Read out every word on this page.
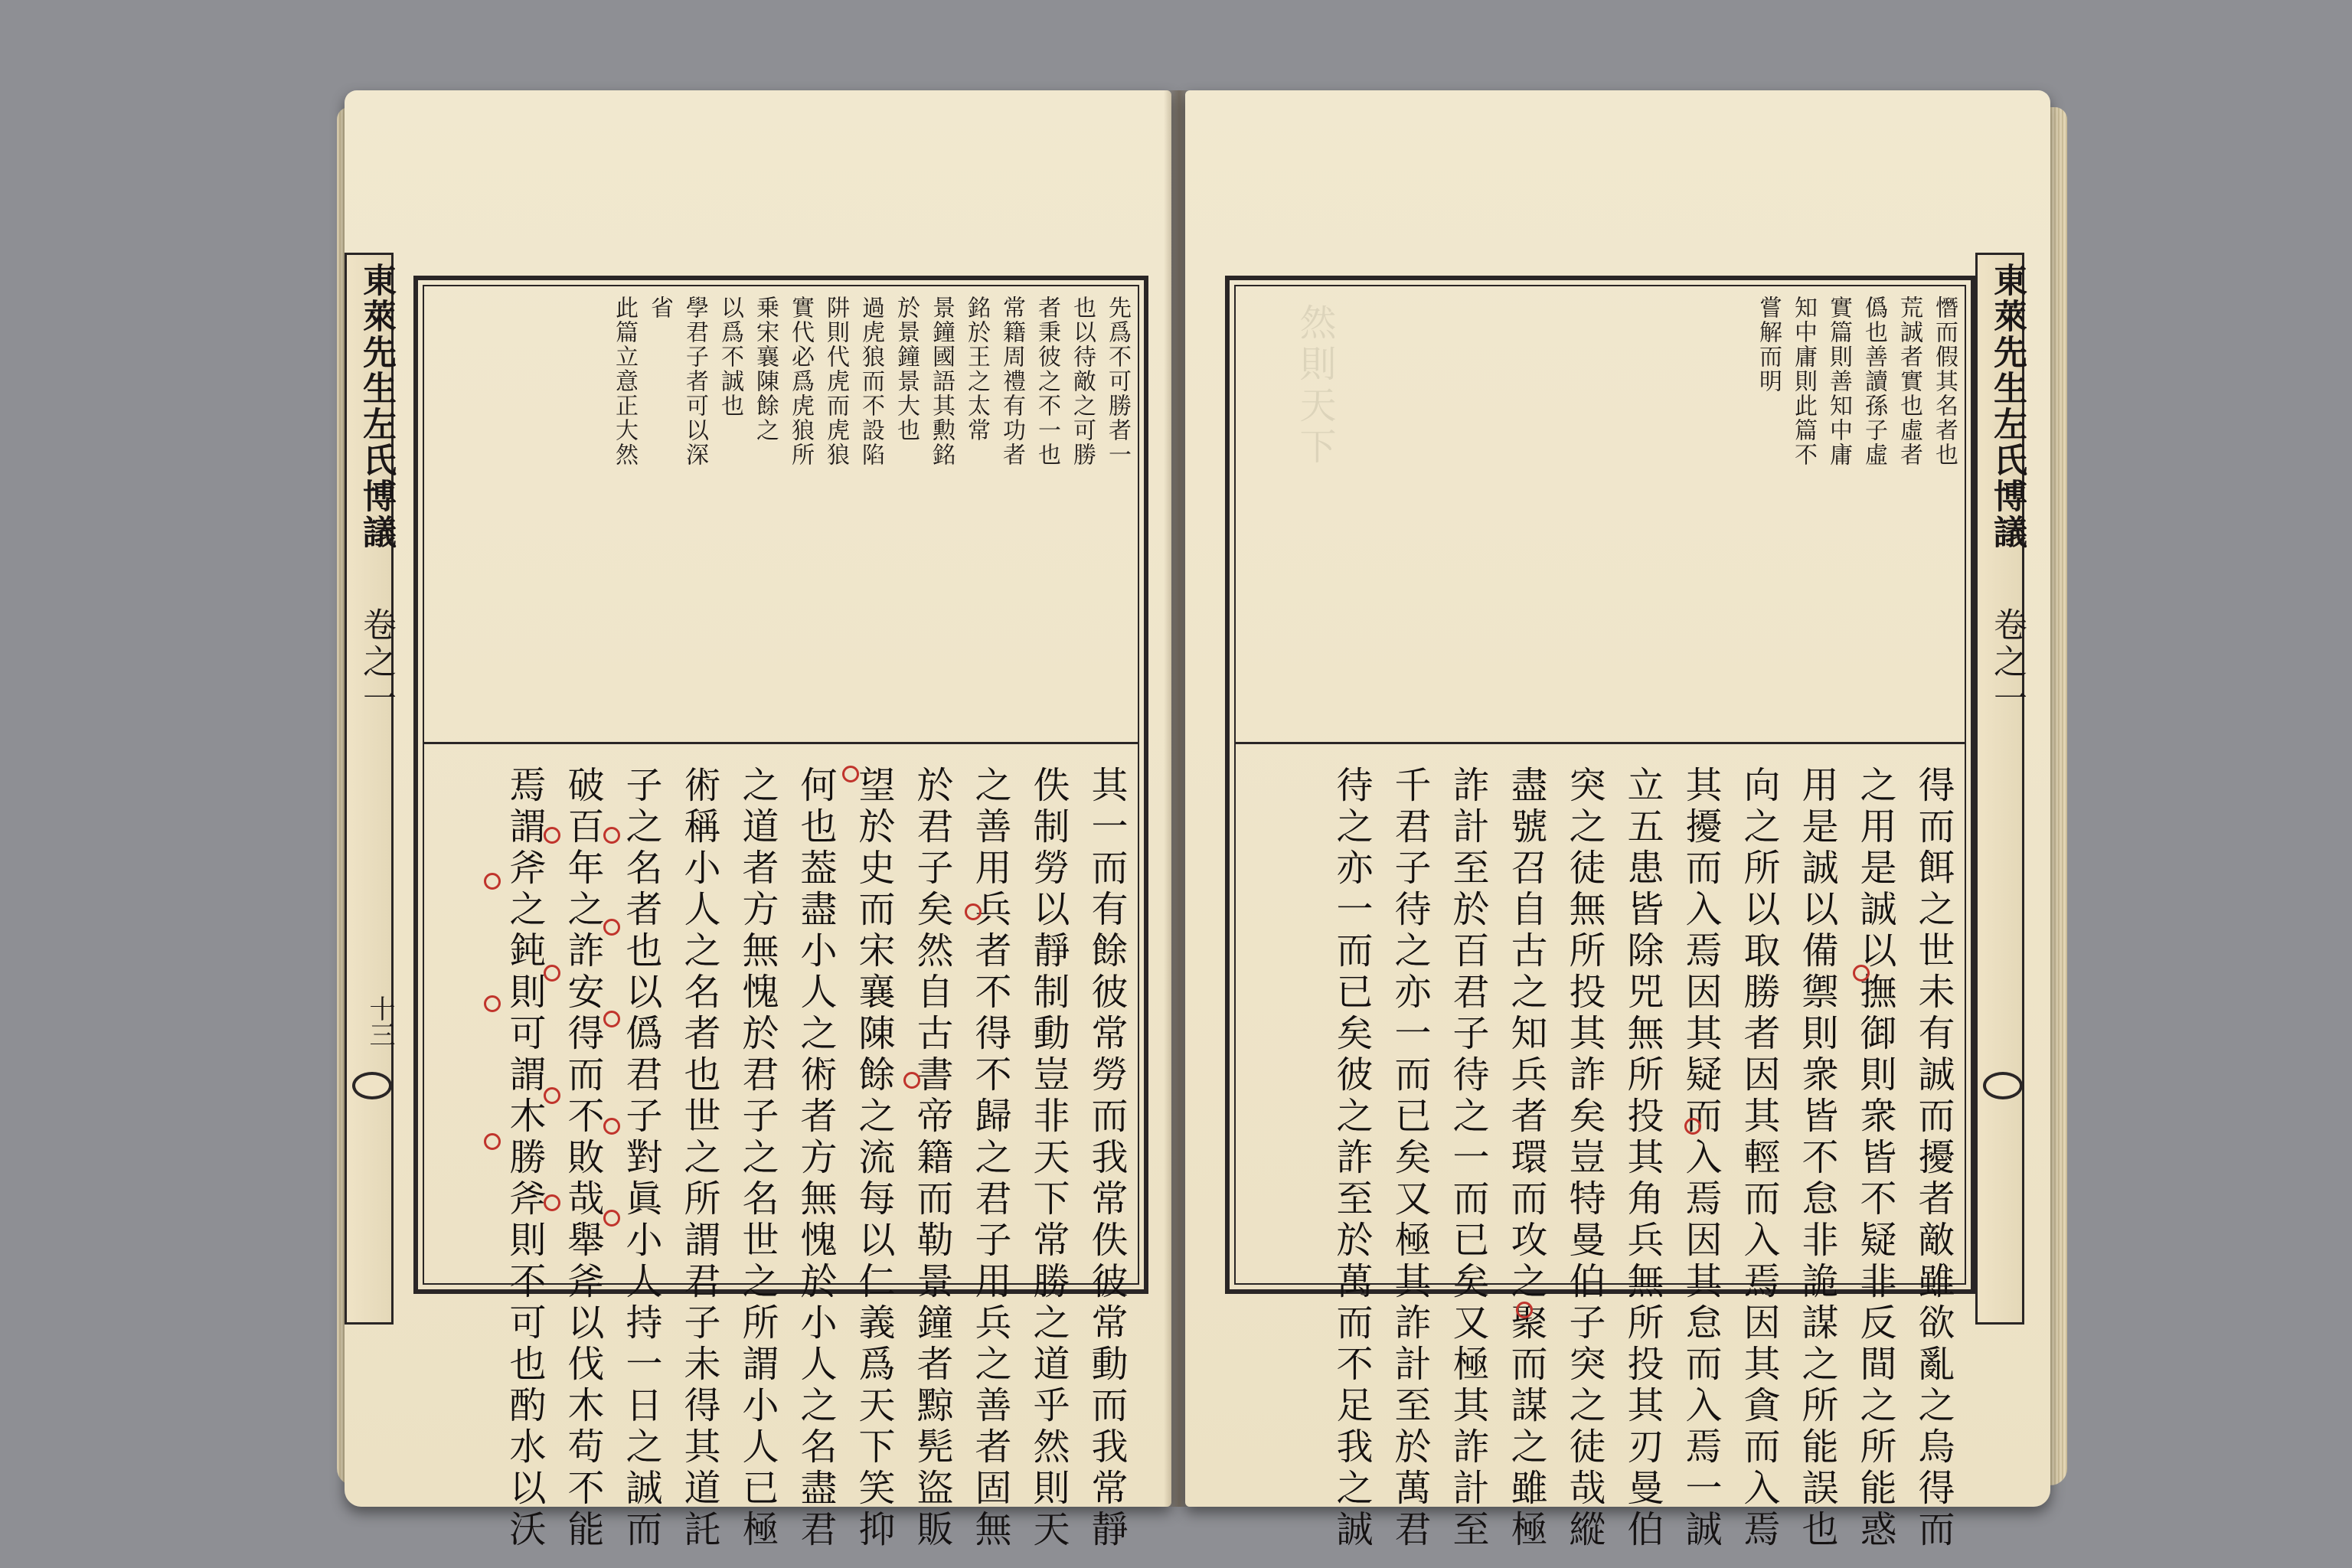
東萊先生左氏博議
卷之一
十三
先爲不可勝者一
也以待敵之可勝
者秉彼之不一也
常籍周禮有功者
銘於王之太常
景鐘國語其勲銘
於景鐘景大也
過虎狼而不設陷
阱則代虎而虎狼
實代必爲虎狼所
乗宋襄陳餘之
以爲不誠也
學君子者可以深
省
此篇立意正大然
其一而有餘彼常勞而我常佚彼常動而我常靜
佚制勞以靜制動豈非天下常勝之道乎然則天
之善用兵者不得不歸之君子用兵之善者固無
於君子矣然自古書帝籍而勒景鐘者黥髡盜販
望於史而宋襄陳餘之流每以仁義爲天下笑抑
何也葢盡小人之術者方無愧於小人之名盡君
之道者方無愧於君子之名世之所謂小人已極
術稱小人之名者也世之所謂君子未得其道託
子之名者也以僞君子對眞小人持一日之誠而
破百年之詐安得而不敗哉舉斧以伐木苟不能
焉謂斧之鈍則可謂木勝斧則不可也酌水以沃
憯而假其名者也
荒誠者實也虛者
僞也善讀孫子虛
實篇則善知中庸
知中庸則此篇不
嘗解而明
然則天下
得而餌之世未有誠而擾者敵雖欲亂之烏得而
之用是誠以撫御則衆皆不疑非反間之所能惑
用是誠以備禦則衆皆不怠非詭謀之所能誤也
向之所以取勝者因其輕而入焉因其貪而入焉
其擾而入焉因其疑而入焉因其怠而入焉一誠
立五患皆除兕無所投其角兵無所投其刃曼伯
突之徒無所投其詐矣豈特曼伯子突之徒哉縱
盡號召自古之知兵者環而攻之聚而謀之雖極
詐計至於百君子待之一而已矣又極其詐計至
千君子待之亦一而已矣又極其詐計至於萬君
待之亦一而已矣彼之詐至於萬而不足我之誠
東萊先生左氏博議
卷之一
